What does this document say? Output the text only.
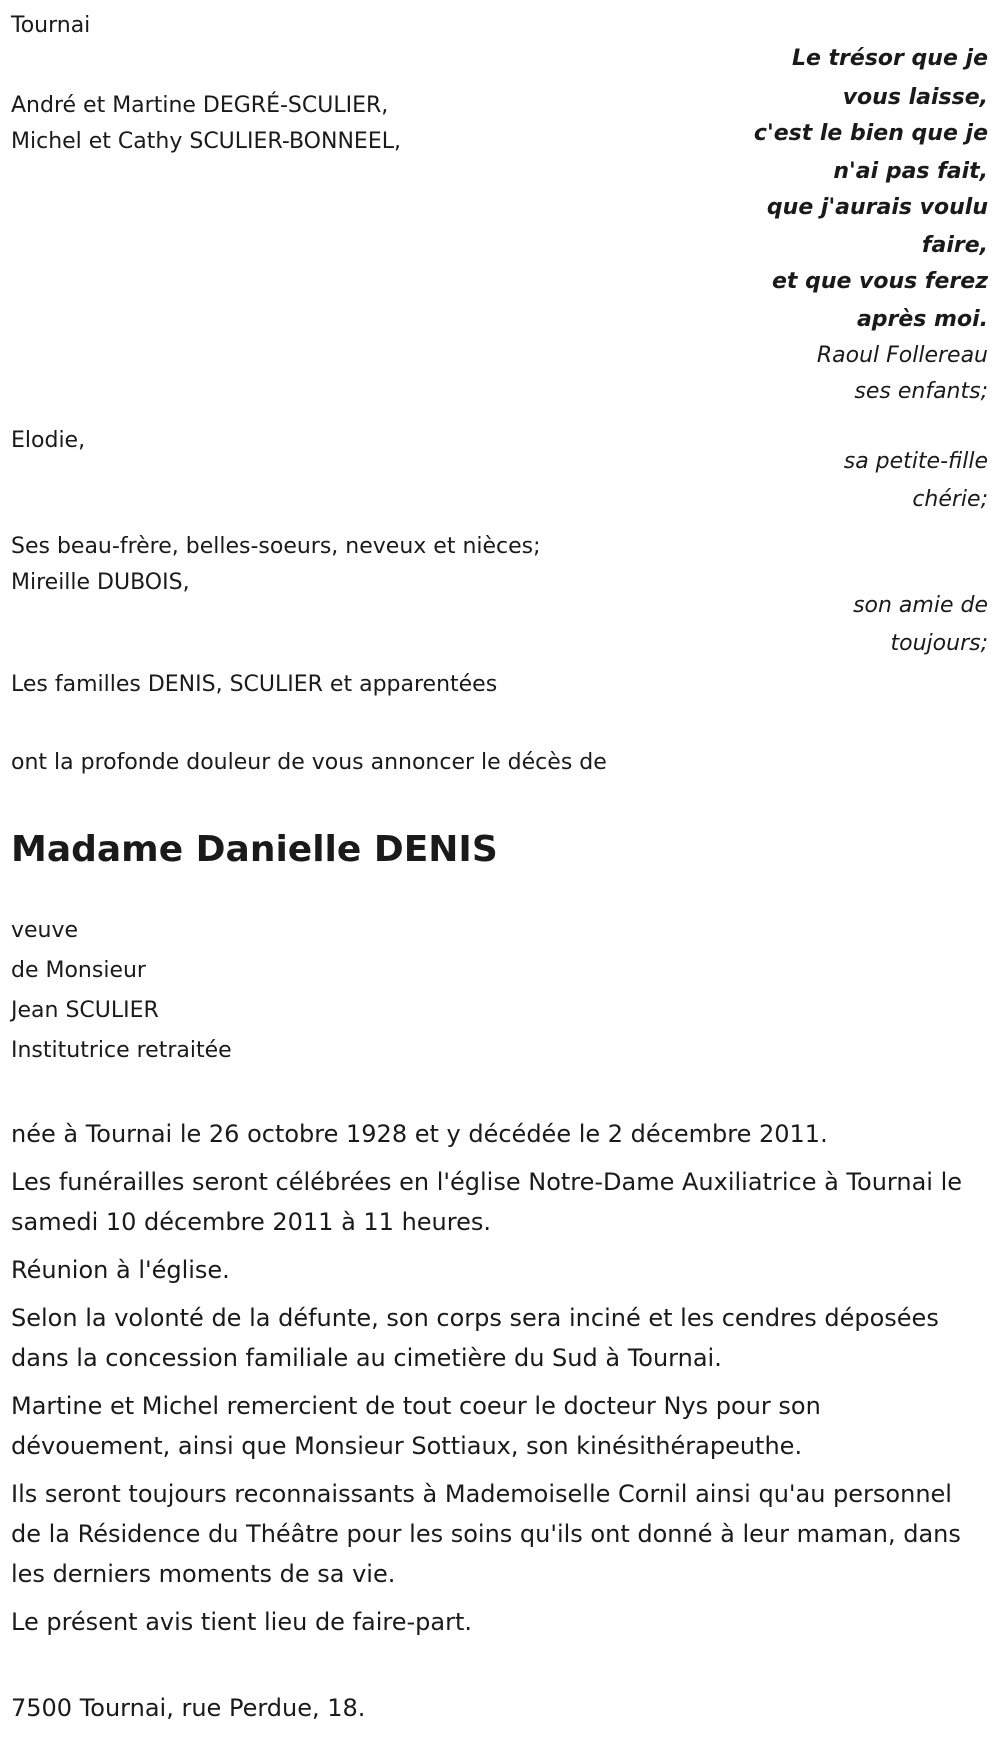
Tournai
André et Martine DEGRÉ-SCULIER,
Michel et Cathy SCULIER-BONNEEL,
Le trésor que je
vous laisse,
c'est le bien que je
n'ai pas fait,
que j'aurais voulu
faire,
et que vous ferez
après moi.
Raoul Follereau
ses enfants;
Elodie,
sa petite-fille
chérie;
Ses beau-frère, belles-soeurs, neveux et nièces;
Mireille DUBOIS,
son amie de
toujours;
Les familles DENIS, SCULIER et apparentées
ont la profonde douleur de vous annoncer le décès de
Madame Danielle DENIS
veuve
de Monsieur
Jean SCULIER
Institutrice retraitée
née à Tournai le 26 octobre 1928 et y décédée le 2 décembre 2011.
Les funérailles seront célébrées en l'église Notre-Dame Auxiliatrice à Tournai le samedi 10 décembre 2011 à 11 heures.
Réunion à l'église.
Selon la volonté de la défunte, son corps sera inciné et les cendres déposées dans la concession familiale au cimetière du Sud à Tournai.
Martine et Michel remercient de tout coeur le docteur Nys pour son dévouement, ainsi que Monsieur Sottiaux, son kinésithérapeuthe.
Ils seront toujours reconnaissants à Mademoiselle Cornil ainsi qu'au personnel de la Résidence du Théâtre pour les soins qu'ils ont donné à leur maman, dans les derniers moments de sa vie.
Le présent avis tient lieu de faire-part.
7500 Tournai, rue Perdue, 18.
